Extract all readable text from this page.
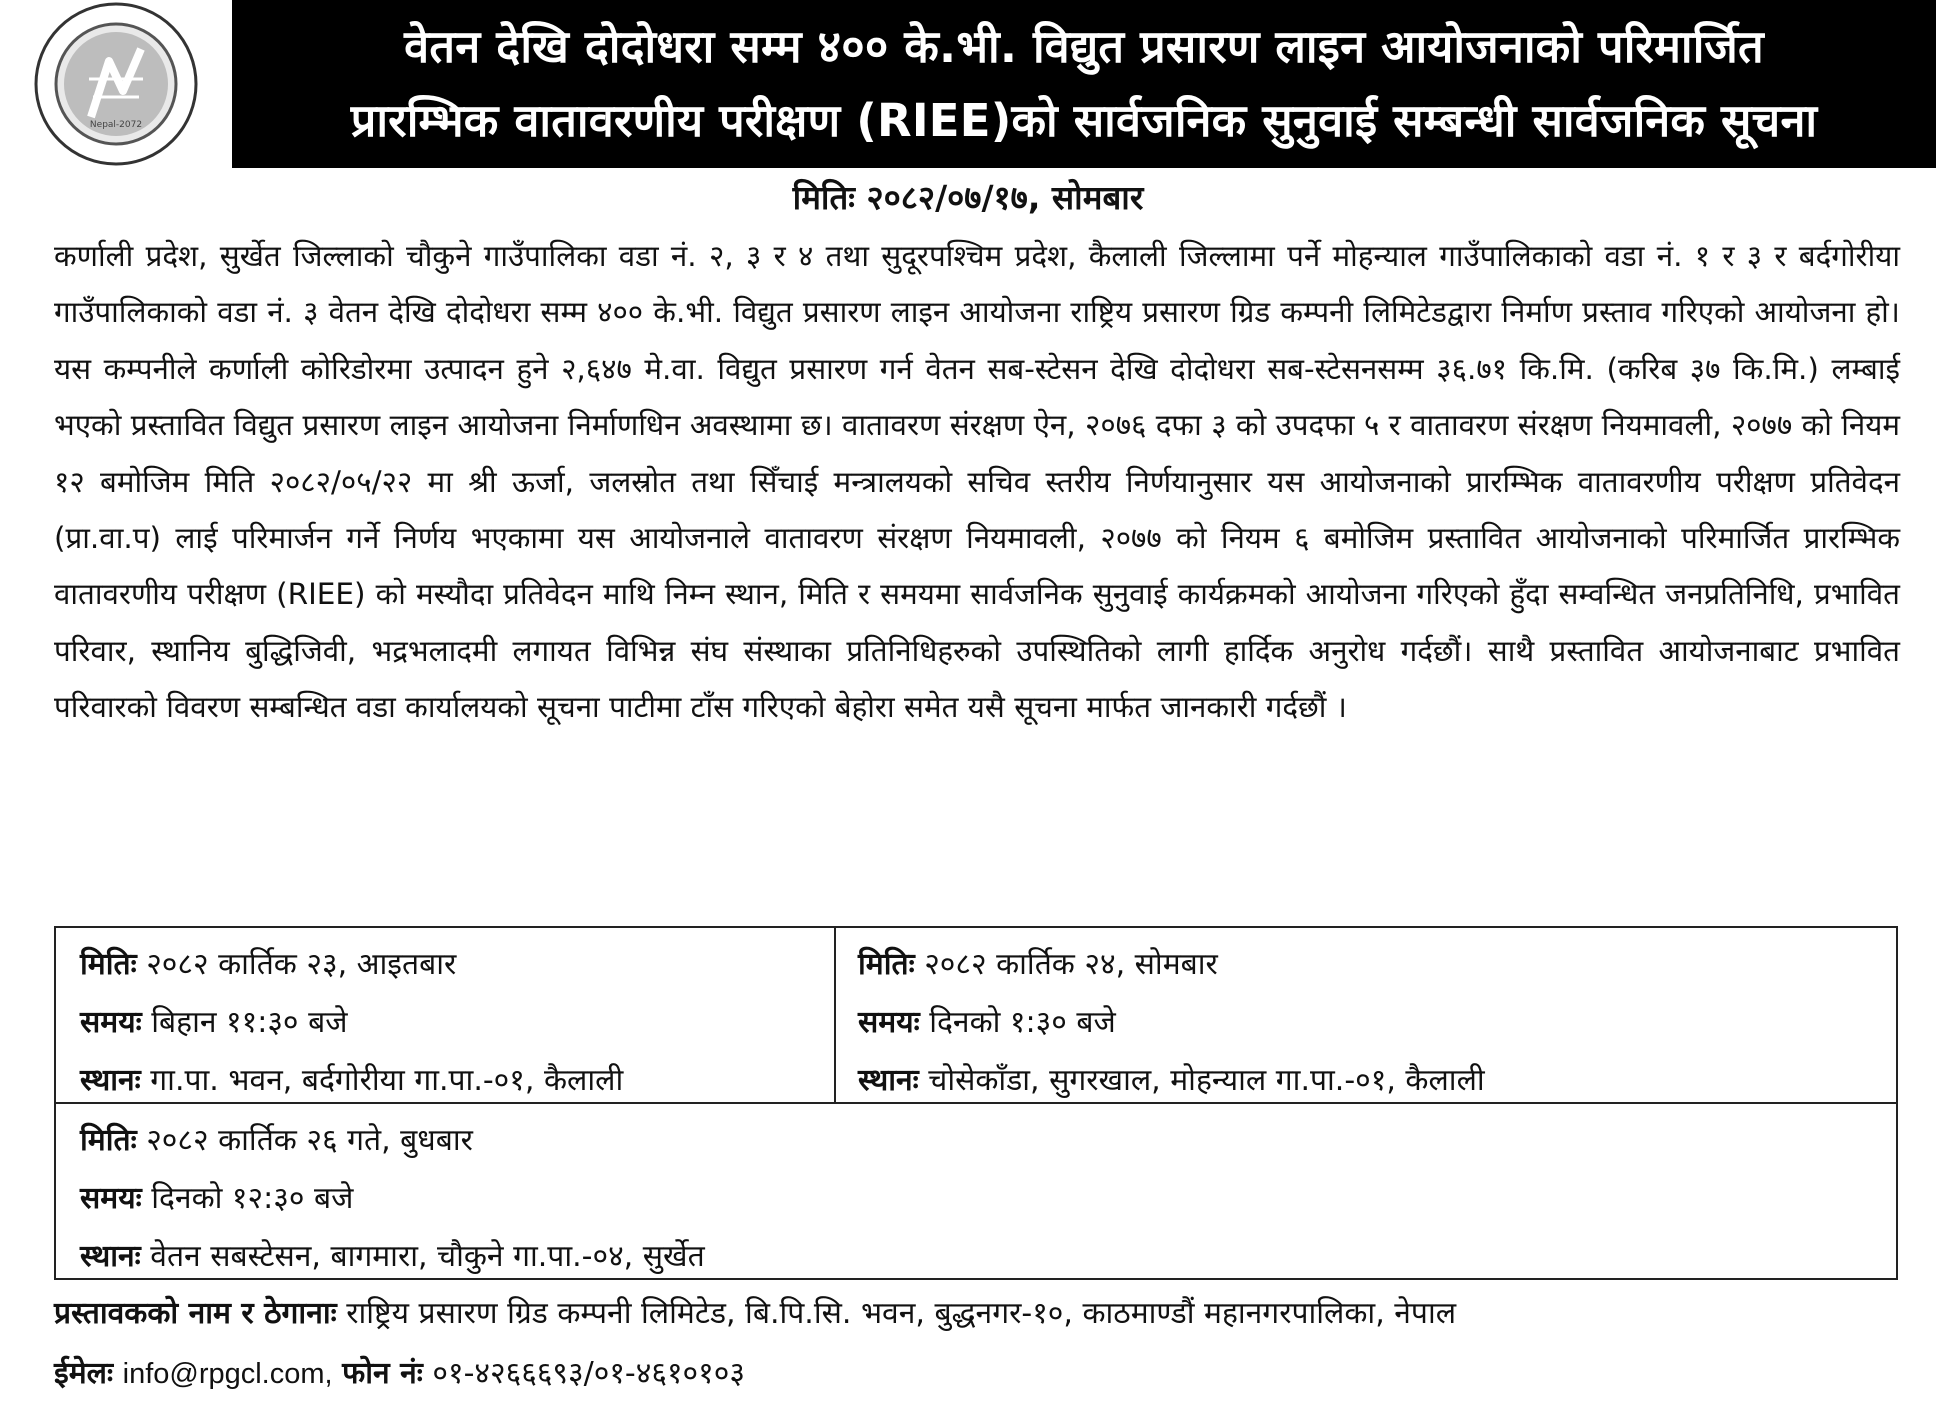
Nepal-2072
वेतन देखि दोदोधरा सम्म ४०० के.भी. विद्युत प्रसारण लाइन आयोजनाको परिमार्जित
प्रारम्भिक वातावरणीय परीक्षण (RIEE)को सार्वजनिक सुनुवाई सम्बन्धी सार्वजनिक सूचना
मितिः २०८२/०७/१७, सोमबार
कर्णाली प्रदेश, सुर्खेत जिल्लाको चौकुने गाउँपालिका वडा नं. २, ३ र ४ तथा सुदूरपश्चिम प्रदेश, कैलाली जिल्लामा पर्ने मोहन्याल गाउँपालिकाको वडा नं. १ र ३ र बर्दगोरीया गाउँपालिकाको वडा नं. ३ वेतन देखि दोदोधरा सम्म ४०० के.भी. विद्युत प्रसारण लाइन आयोजना राष्ट्रिय प्रसारण ग्रिड कम्पनी लिमिटेडद्वारा निर्माण प्रस्ताव गरिएको आयोजना हो। यस कम्पनीले कर्णाली कोरिडोरमा उत्पादन हुने २,६४७ मे.वा. विद्युत प्रसारण गर्न वेतन सब-स्टेसन देखि दोदोधरा सब-स्टेसनसम्म ३६.७१ कि.मि. (करिब ३७ कि.मि.) लम्बाई भएको प्रस्तावित विद्युत प्रसारण लाइन आयोजना निर्माणधिन अवस्थामा छ। वातावरण संरक्षण ऐन, २०७६ दफा ३ को उपदफा ५ र वातावरण संरक्षण नियमावली, २०७७ को नियम १२ बमोजिम मिति २०८२/०५/२२ मा श्री ऊर्जा, जलस्रोत तथा सिँचाई मन्त्रालयको सचिव स्तरीय निर्णयानुसार यस आयोजनाको प्रारम्भिक वातावरणीय परीक्षण प्रतिवेदन (प्रा.वा.प) लाई परिमार्जन गर्ने निर्णय भएकामा यस आयोजनाले वातावरण संरक्षण नियमावली, २०७७ को नियम ६ बमोजिम प्रस्तावित आयोजनाको परिमार्जित प्रारम्भिक वातावरणीय परीक्षण (RIEE) को मस्यौदा प्रतिवेदन माथि निम्न स्थान, मिति र समयमा सार्वजनिक सुनुवाई कार्यक्रमको आयोजना गरिएको हुँदा सम्वन्धित जनप्रतिनिधि, प्रभावित परिवार, स्थानिय बुद्धिजिवी, भद्रभलादमी लगायत विभिन्न संघ संस्थाका प्रतिनिधिहरुको उपस्थितिको लागी हार्दिक अनुरोध गर्दछौं। साथै प्रस्तावित आयोजनाबाट प्रभावित परिवारको विवरण सम्बन्धित वडा कार्यालयको सूचना पाटीमा टाँस गरिएको बेहोरा समेत यसै सूचना मार्फत जानकारी गर्दछौं ।
मितिः २०८२ कार्तिक २३, आइतबार
समयः बिहान ११:३० बजे
स्थानः गा.पा. भवन, बर्दगोरीया गा.पा.-०१, कैलाली
मितिः २०८२ कार्तिक २४, सोमबार
समयः दिनको १:३० बजे
स्थानः चोसेकाँडा, सुगरखाल, मोहन्याल गा.पा.-०१, कैलाली
मितिः २०८२ कार्तिक २६ गते, बुधबार
समयः दिनको १२:३० बजे
स्थानः वेतन सबस्टेसन, बागमारा, चौकुने गा.पा.-०४, सुर्खेत
प्रस्तावकको नाम र ठेगानाः राष्ट्रिय प्रसारण ग्रिड कम्पनी लिमिटेड, बि.पि.सि. भवन, बुद्धनगर-१०, काठमाण्डौं महानगरपालिका, नेपाल
ईमेलः info@rpgcl.com, फोन नंः ०१-४२६६६९३/०१-४६१०१०३
